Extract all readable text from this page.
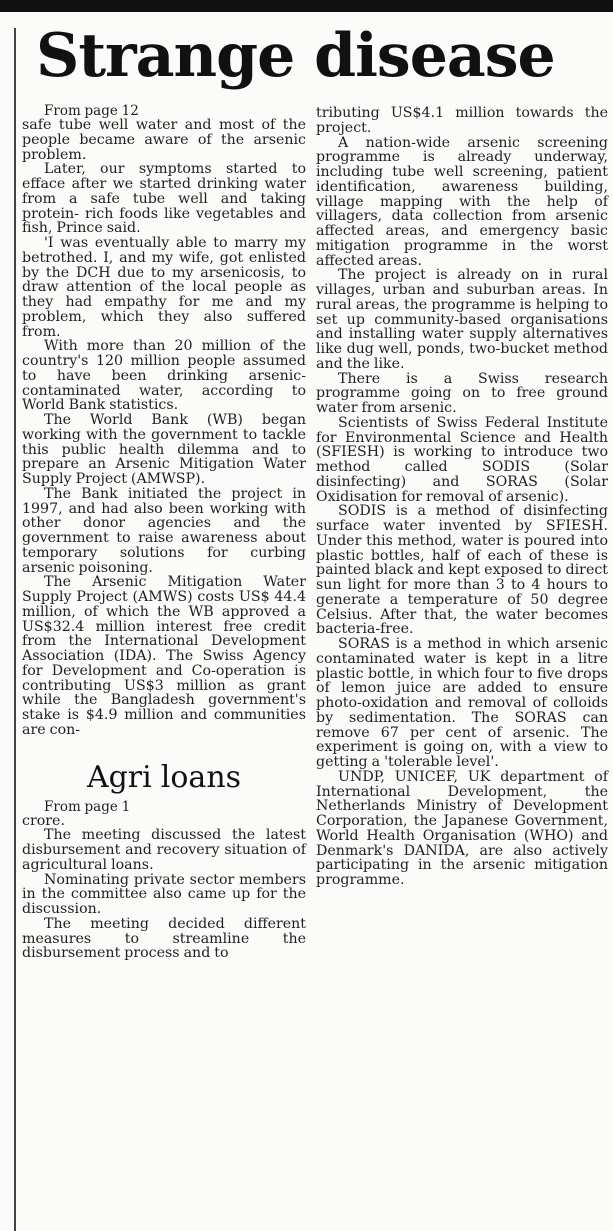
Strange disease

From page 12

safe tube well water and most of the people became aware of the arsenic problem.

Later, our symptoms started to efface after we started drinking water from a safe tube well and taking protein- rich foods like vegetables and fish, Prince said.

'I was eventually able to marry my betrothed. I, and my wife, got enlisted by the DCH due to my arsenicosis, to draw attention of the local people as they had empathy for me and my problem, which they also suffered from.

With more than 20 million of the country's 120 million people assumed to have been drinking arsenic-contaminated water, according to World Bank statistics.

The World Bank (WB) began working with the government to tackle this public health dilemma and to prepare an Arsenic Mitigation Water Supply Project (AMWSP).

The Bank initiated the project in 1997, and had also been working with other donor agencies and the government to raise awareness about temporary solutions for curbing arsenic poisoning.

The Arsenic Mitigation Water Supply Project (AMWS) costs US$ 44.4 million, of which the WB approved a US$32.4 million interest free credit from the International Development Association (IDA). The Swiss Agency for Development and Co-operation is contributing US$3 million as grant while the Bangladesh government's stake is $4.9 million and communities are con-

Agri loans

From page 1

crore.

The meeting discussed the latest disbursement and recovery situation of agricultural loans.

Nominating private sector members in the committee also came up for the discussion.

The meeting decided different measures to streamline the disbursement process and to

tributing US$4.1 million towards the project.

A nation-wide arsenic screening programme is already underway, including tube well screening, patient identification, awareness building, village mapping with the help of villagers, data collection from arsenic affected areas, and emergency basic mitigation programme in the worst affected areas.

The project is already on in rural villages, urban and suburban areas. In rural areas, the programme is helping to set up community-based organisations and installing water supply alternatives like dug well, ponds, two-bucket method and the like.

There is a Swiss research programme going on to free ground water from arsenic.

Scientists of Swiss Federal Institute for Environmental Science and Health (SFIESH) is working to introduce two method called SODIS (Solar disinfecting) and SORAS (Solar Oxidisation for removal of arsenic).

SODIS is a method of disinfecting surface water invented by SFIESH. Under this method, water is poured into plastic bottles, half of each of these is painted black and kept exposed to direct sun light for more than 3 to 4 hours to generate a temperature of 50 degree Celsius. After that, the water becomes bacteria-free.

SORAS is a method in which arsenic contaminated water is kept in a litre plastic bottle, in which four to five drops of lemon juice are added to ensure photo-oxidation and removal of colloids by sedimentation. The SORAS can remove 67 per cent of arsenic. The experiment is going on, with a view to getting a 'tolerable level'.

UNDP, UNICEF, UK department of International Development, the Netherlands Ministry of Development Corporation, the Japanese Government, World Health Organisation (WHO) and Denmark's DANIDA, are also actively participating in the arsenic mitigation programme.
